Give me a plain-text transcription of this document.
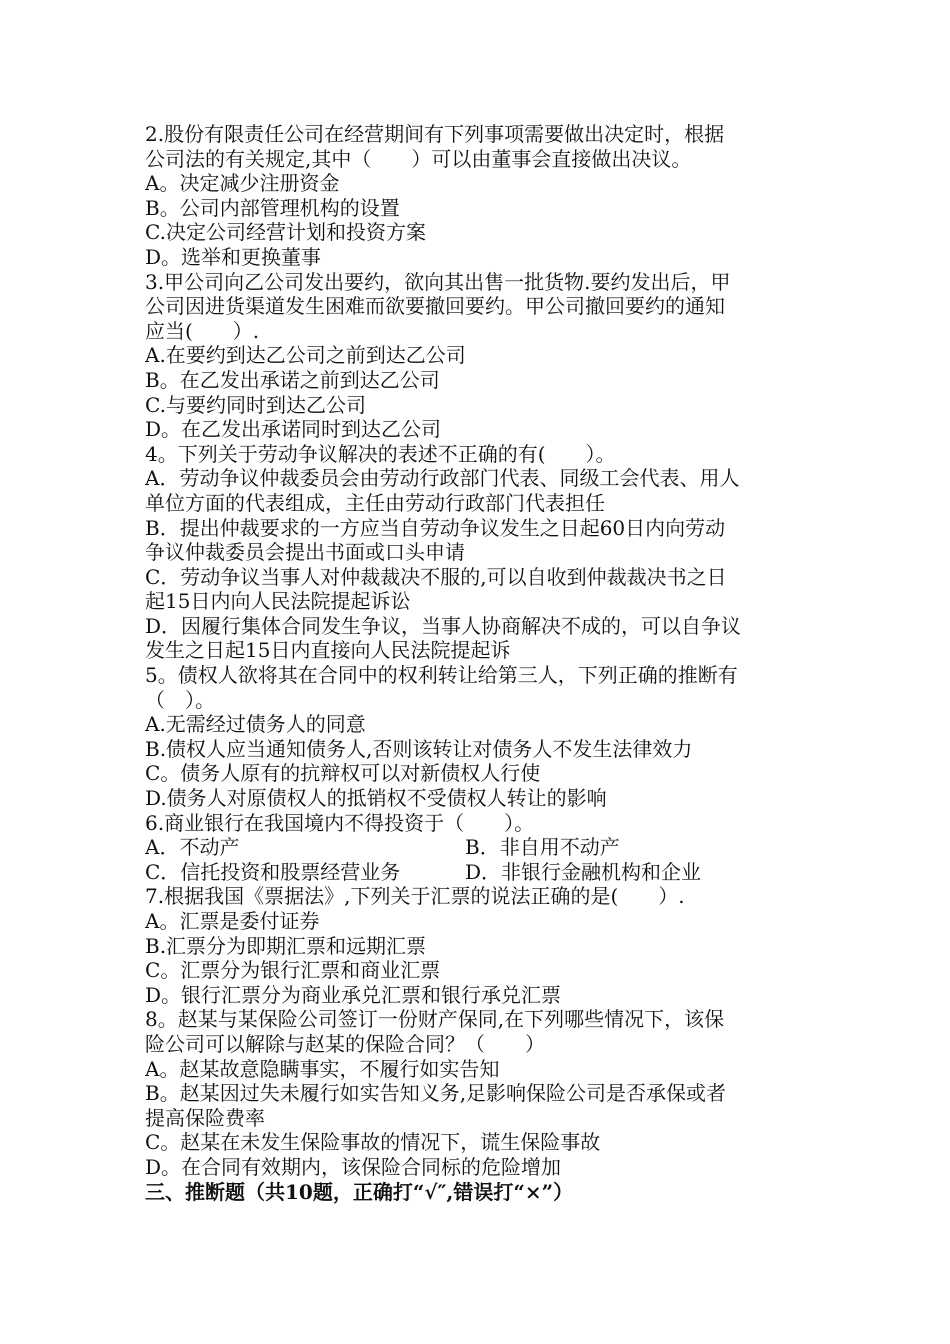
2.股份有限责任公司在经营期间有下列事项需要做出决定时，根据
公司法的有关规定,其中（　　）可以由董事会直接做出决议。
A。决定减少注册资金
B。公司内部管理机构的设置
C.决定公司经营计划和投资方案
D。选举和更换董事
3.甲公司向乙公司发出要约，欲向其出售一批货物.要约发出后，甲
公司因进货渠道发生困难而欲要撤回要约。甲公司撤回要约的通知
应当(　　）.
A.在要约到达乙公司之前到达乙公司
B。在乙发出承诺之前到达乙公司
C.与要约同时到达乙公司
D。在乙发出承诺同时到达乙公司
4。下列关于劳动争议解决的表述不正确的有(　　）。
A．劳动争议仲裁委员会由劳动行政部门代表、同级工会代表、用人
单位方面的代表组成，主任由劳动行政部门代表担任
B．提出仲裁要求的一方应当自劳动争议发生之日起60日内向劳动
争议仲裁委员会提出书面或口头申请
C．劳动争议当事人对仲裁裁决不服的,可以自收到仲裁裁决书之日
起15日内向人民法院提起诉讼
D．因履行集体合同发生争议，当事人协商解决不成的，可以自争议
发生之日起15日内直接向人民法院提起诉
5。债权人欲将其在合同中的权利转让给第三人，下列正确的推断有
（　）。
A.无需经过债务人的同意
B.债权人应当通知债务人,否则该转让对债务人不发生法律效力
C。债务人原有的抗辩权可以对新债权人行使
D.债务人对原债权人的抵销权不受债权人转让的影响
6.商业银行在我国境内不得投资于（　　）。
A．不动产	B．非自用不动产
C．信托投资和股票经营业务	D．非银行金融机构和企业
7.根据我国《票据法》,下列关于汇票的说法正确的是(　　）.
A。汇票是委付证券
B.汇票分为即期汇票和远期汇票
C。汇票分为银行汇票和商业汇票
D。银行汇票分为商业承兑汇票和银行承兑汇票
8。赵某与某保险公司签订一份财产保同,在下列哪些情况下，该保
险公司可以解除与赵某的保险合同？（　　）
A。赵某故意隐瞒事实，不履行如实告知
B。赵某因过失未履行如实告知义务,足影响保险公司是否承保或者
提高保险费率
C。赵某在未发生保险事故的情况下，谎生保险事故
D。在合同有效期内，该保险合同标的危险增加
三、推断题（共10题，正确打“√″,错误打“×”）
